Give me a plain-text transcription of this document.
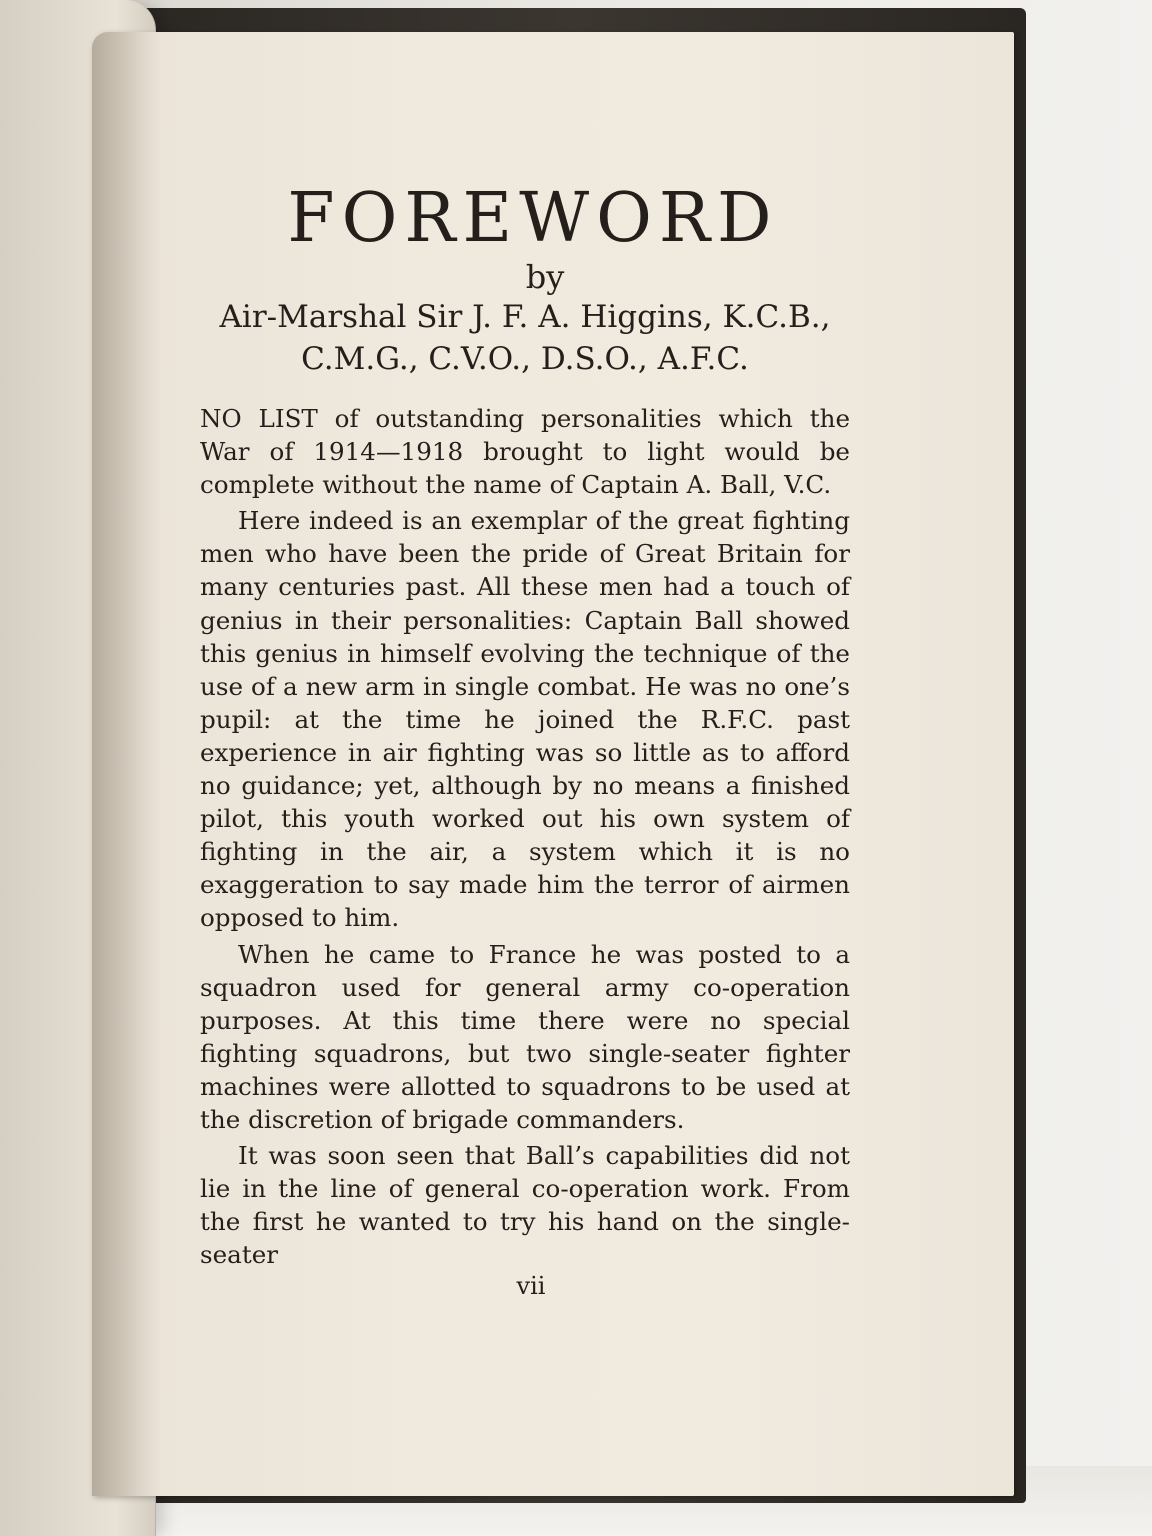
FOREWORD
by
Air-Marshal Sir J. F. A. Higgins, K.C.B.,
C.M.G., C.V.O., D.S.O., A.F.C.

NO LIST of outstanding personalities which the War of 1914—1918 brought to light would be complete without the name of Captain A. Ball, V.C.

Here indeed is an exemplar of the great fighting men who have been the pride of Great Britain for many centuries past. All these men had a touch of genius in their personalities: Captain Ball showed this genius in himself evolving the technique of the use of a new arm in single combat. He was no one’s pupil: at the time he joined the R.F.C. past experience in air fighting was so little as to afford no guidance; yet, although by no means a finished pilot, this youth worked out his own system of fighting in the air, a system which it is no exaggeration to say made him the terror of airmen opposed to him.

When he came to France he was posted to a squadron used for general army co-operation purposes. At this time there were no special fighting squadrons, but two single-seater fighter machines were allotted to squadrons to be used at the discretion of brigade commanders.

It was soon seen that Ball’s capabilities did not lie in the line of general co-operation work. From the first he wanted to try his hand on the single-seater

vii
